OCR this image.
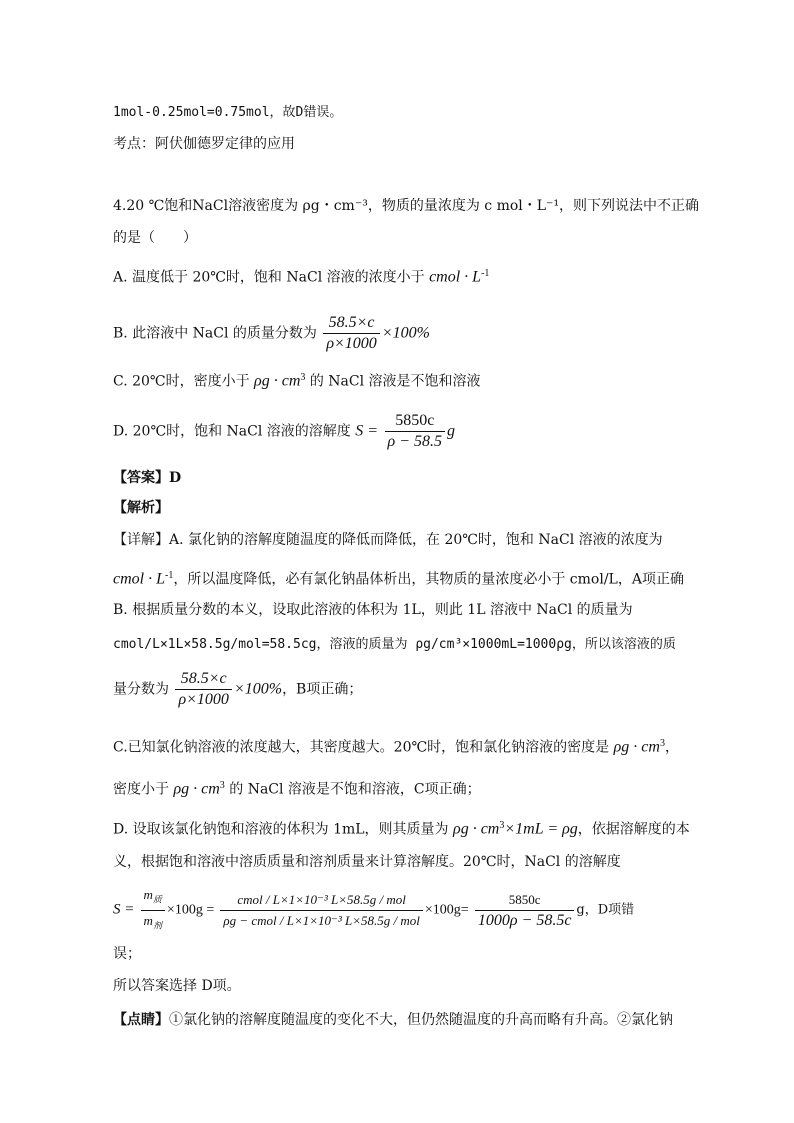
1mol-0.25mol=0.75mol，故D错误。
考点：阿伏伽德罗定律的应用
4.20 ℃饱和NaCl溶液密度为 ρg・cm⁻³，物质的量浓度为 c mol・L⁻¹，则下列说法中不正确
的是（　　）
A. 温度低于 20℃时，饱和 NaCl 溶液的浓度小于 cmol · $L^{-1}$
B. 此溶液中 NaCl 的质量分数为 $\frac{58.5\times c}{\rho\times 1000} \times 100\%$
C. 20℃时，密度小于 $\rho g \cdot cm^3$ 的 NaCl 溶液是不饱和溶液
D. 20℃时，饱和 NaCl 溶液的溶解度 $S = \frac{5850c}{\rho - 58.5}$ g
【答案】D
【解析】
【详解】A. 氯化钠的溶解度随温度的降低而降低，在 20℃时，饱和 NaCl 溶液的浓度为
cmol · $L^{-1}$，所以温度降低，必有氯化钠晶体析出，其物质的量浓度必小于 cmol/L，A项正确
B. 根据质量分数的本义，设取此溶液的体积为 1L，则此 1L 溶液中 NaCl 的质量为
cmol/L×1L×58.5g/mol=58.5cg，溶液的质量为 ρg/cm³×1000mL=1000ρg，所以该溶液的质
量分数为 $\frac{58.5\times c}{\rho\times 1000} \times 100\%$，B项正确；
C.已知氯化钠溶液的浓度越大，其密度越大。20℃时，饱和氯化钠溶液的密度是 $\rho g \cdot cm^3$，
密度小于 $\rho g \cdot cm^3$ 的 NaCl 溶液是不饱和溶液，C项正确；
D. 设取该氯化钠饱和溶液的体积为 1mL，则其质量为 $\rho g \cdot cm^3\times 1mL = \rho g$，依据溶解度的本
义，根据饱和溶液中溶质质量和溶剂质量来计算溶解度。20℃时，NaCl 的溶解度
$S = \frac{m_质}{m_剂} \times 100g = \frac{\text{cmol / L×1×10⁻³ L×58.5g / mol}}{\text{ρg − cmol / L×1×10⁻³ L×58.5g / mol}} \times 100g= \frac{5850c}{1000\rho - 58.5c}$ g，D项错
误；
所以答案选择 D项。
【点睛】①氯化钠的溶解度随温度的变化不大，但仍然随温度的升高而略有升高。②氯化钠
